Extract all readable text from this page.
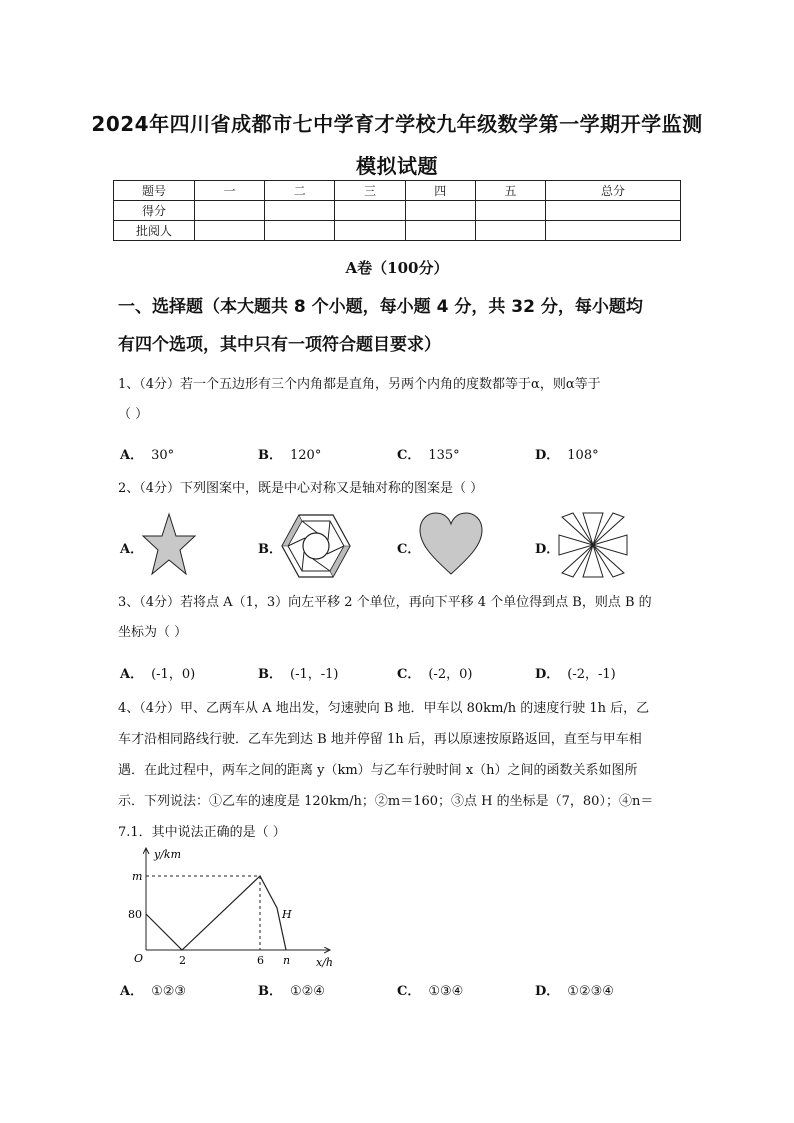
2024年四川省成都市七中学育才学校九年级数学第一学期开学监测
模拟试题
题号	一	二	三	四	五	总分
得分						
批阅人						
A卷（100分）
一、选择题（本大题共 8 个小题，每小题 4 分，共 32 分，每小题均
有四个选项，其中只有一项符合题目要求）
1、（4分）若一个五边形有三个内角都是直角，另两个内角的度数都等于α，则α等于
（ ）
A． 30°	B． 120°	C． 135°	D． 108°
2、（4分）下列图案中，既是中心对称又是轴对称的图案是（ ）
A．	B．	C．	D．
3、（4分）若将点 A（1，3）向左平移 2 个单位，再向下平移 4 个单位得到点 B，则点 B 的
坐标为（ ）
A． (-1，0)	B． (-1，-1)	C． (-2，0)	D． (-2，-1)
4、（4分）甲、乙两车从 A 地出发，匀速驶向 B 地．甲车以 80km/h 的速度行驶 1h 后，乙
车才沿相同路线行驶．乙车先到达 B 地并停留 1h 后，再以原速按原路返回，直至与甲车相
遇．在此过程中，两车之间的距离 y（km）与乙车行驶时间 x（h）之间的函数关系如图所
示．下列说法：①乙车的速度是 120km/h；②m＝160；③点 H 的坐标是（7，80）；④n＝
7.1．其中说法正确的是（ ）
y/km
x/h
O
m
80
2	6 n
H
A． ①②③	B． ①②④	C． ①③④	D． ①②③④
